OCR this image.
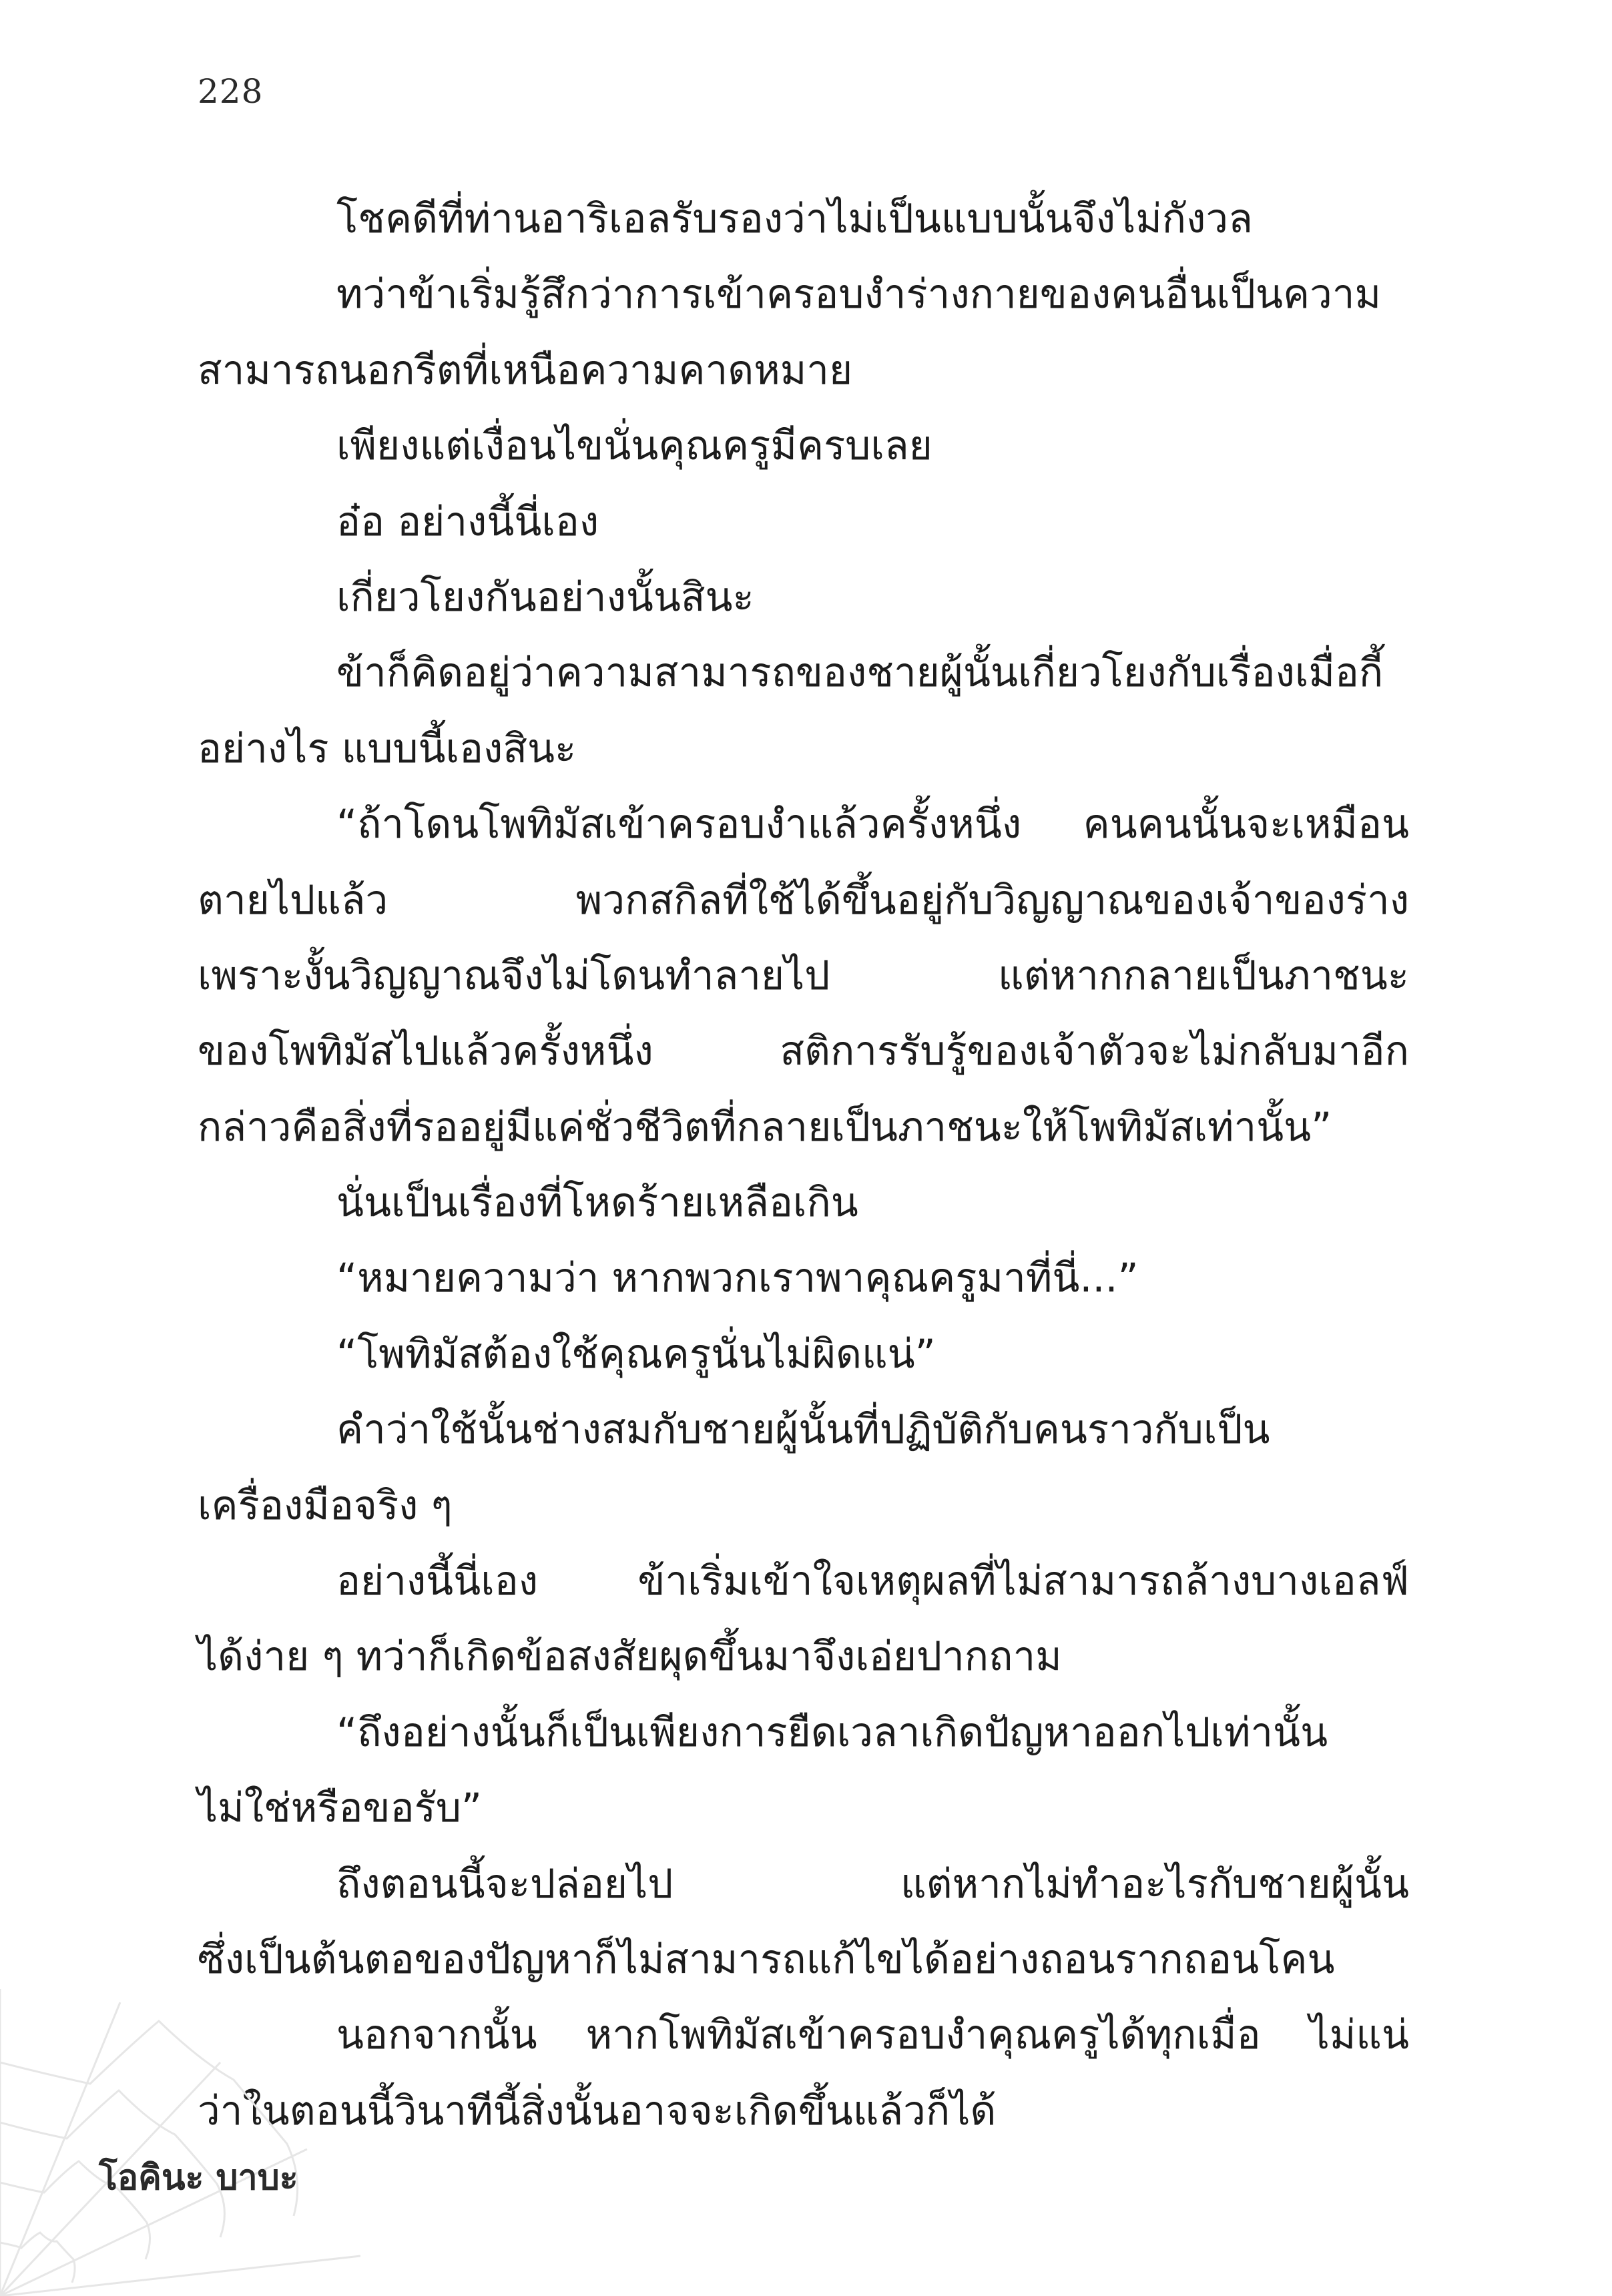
228
โชคดีที่ท่านอาริเอลรับรองว่าไม่เป็นแบบนั้นจึงไม่กังวล
ทว่าข้าเริ่มรู้สึกว่าการเข้าครอบงำร่างกายของคนอื่นเป็นความ
สามารถนอกรีตที่เหนือความคาดหมาย
เพียงแต่เงื่อนไขนั่นคุณครูมีครบเลย
อ๋อ อย่างนี้นี่เอง
เกี่ยวโยงกันอย่างนั้นสินะ
ข้าก็คิดอยู่ว่าความสามารถของชายผู้นั้นเกี่ยวโยงกับเรื่องเมื่อกี้
อย่างไร แบบนี้เองสินะ
“ถ้าโดนโพทิมัสเข้าครอบงำแล้วครั้งหนึ่ง คนคนนั้นจะเหมือน
ตายไปแล้ว พวกสกิลที่ใช้ได้ขึ้นอยู่กับวิญญาณของเจ้าของร่าง
เพราะงั้นวิญญาณจึงไม่โดนทำลายไป แต่หากกลายเป็นภาชนะ
ของโพทิมัสไปแล้วครั้งหนึ่ง สติการรับรู้ของเจ้าตัวจะไม่กลับมาอีก
กล่าวคือสิ่งที่รออยู่มีแค่ชั่วชีวิตที่กลายเป็นภาชนะให้โพทิมัสเท่านั้น”
นั่นเป็นเรื่องที่โหดร้ายเหลือเกิน
“หมายความว่า หากพวกเราพาคุณครูมาที่นี่...”
“โพทิมัสต้องใช้คุณครูนั่นไม่ผิดแน่”
คำว่าใช้นั้นช่างสมกับชายผู้นั้นที่ปฏิบัติกับคนราวกับเป็น
เครื่องมือจริง ๆ
อย่างนี้นี่เอง ข้าเริ่มเข้าใจเหตุผลที่ไม่สามารถล้างบางเอลฟ์
ได้ง่าย ๆ ทว่าก็เกิดข้อสงสัยผุดขึ้นมาจึงเอ่ยปากถาม
“ถึงอย่างนั้นก็เป็นเพียงการยืดเวลาเกิดปัญหาออกไปเท่านั้น
ไม่ใช่หรือขอรับ”
ถึงตอนนี้จะปล่อยไป แต่หากไม่ทำอะไรกับชายผู้นั้น
ซึ่งเป็นต้นตอของปัญหาก็ไม่สามารถแก้ไขได้อย่างถอนรากถอนโคน
นอกจากนั้น หากโพทิมัสเข้าครอบงำคุณครูได้ทุกเมื่อ ไม่แน่
ว่าในตอนนี้วินาทีนี้สิ่งนั้นอาจจะเกิดขึ้นแล้วก็ได้
โอคินะ บาบะ
